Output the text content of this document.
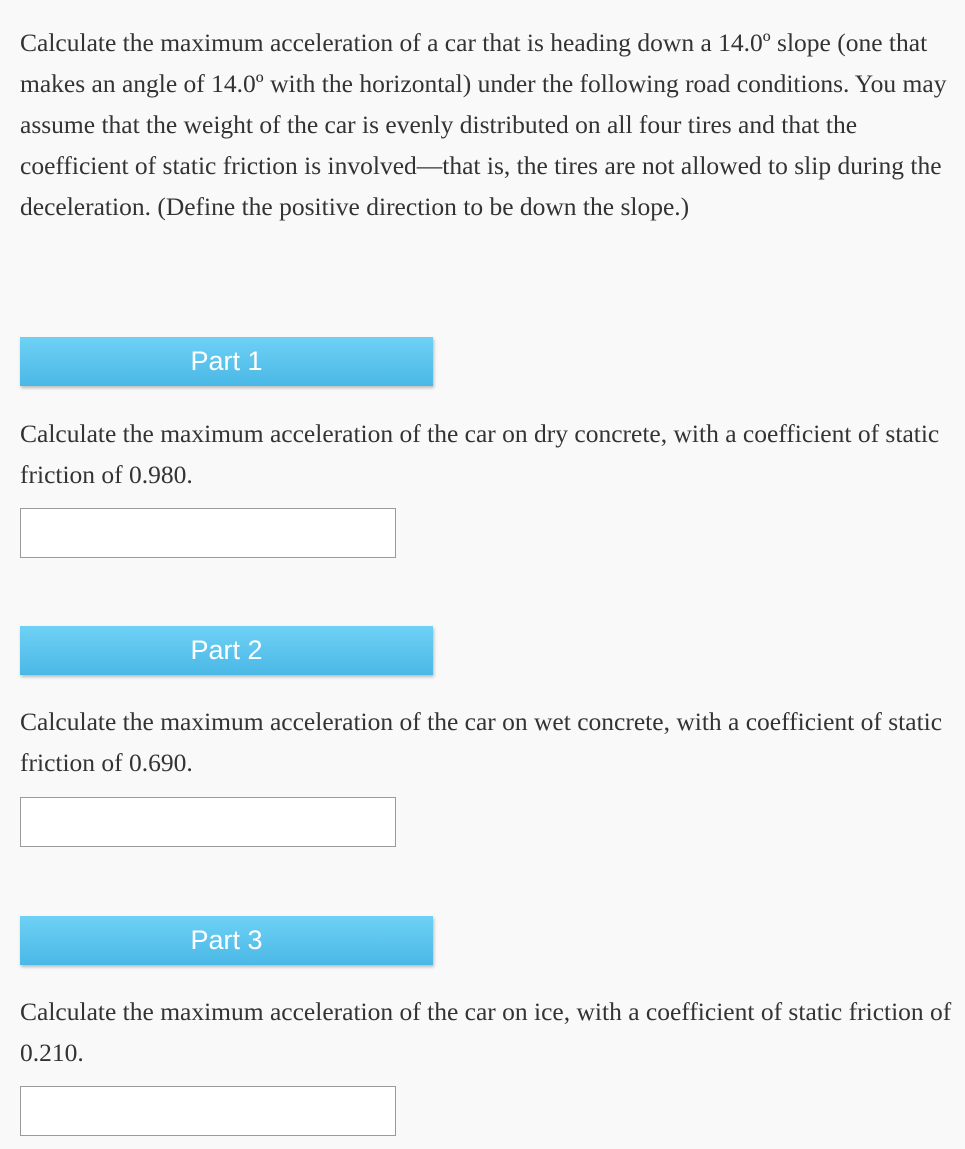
Calculate the maximum acceleration of a car that is heading down a 14.0º slope (one that makes an angle of 14.0º with the horizontal) under the following road conditions. You may assume that the weight of the car is evenly distributed on all four tires and that the coefficient of static friction is involved—that is, the tires are not allowed to slip during the deceleration. (Define the positive direction to be down the slope.)

Part 1

Calculate the maximum acceleration of the car on dry concrete, with a coefficient of static friction of 0.980.

Part 2

Calculate the maximum acceleration of the car on wet concrete, with a coefficient of static friction of 0.690.

Part 3

Calculate the maximum acceleration of the car on ice, with a coefficient of static friction of 0.210.
